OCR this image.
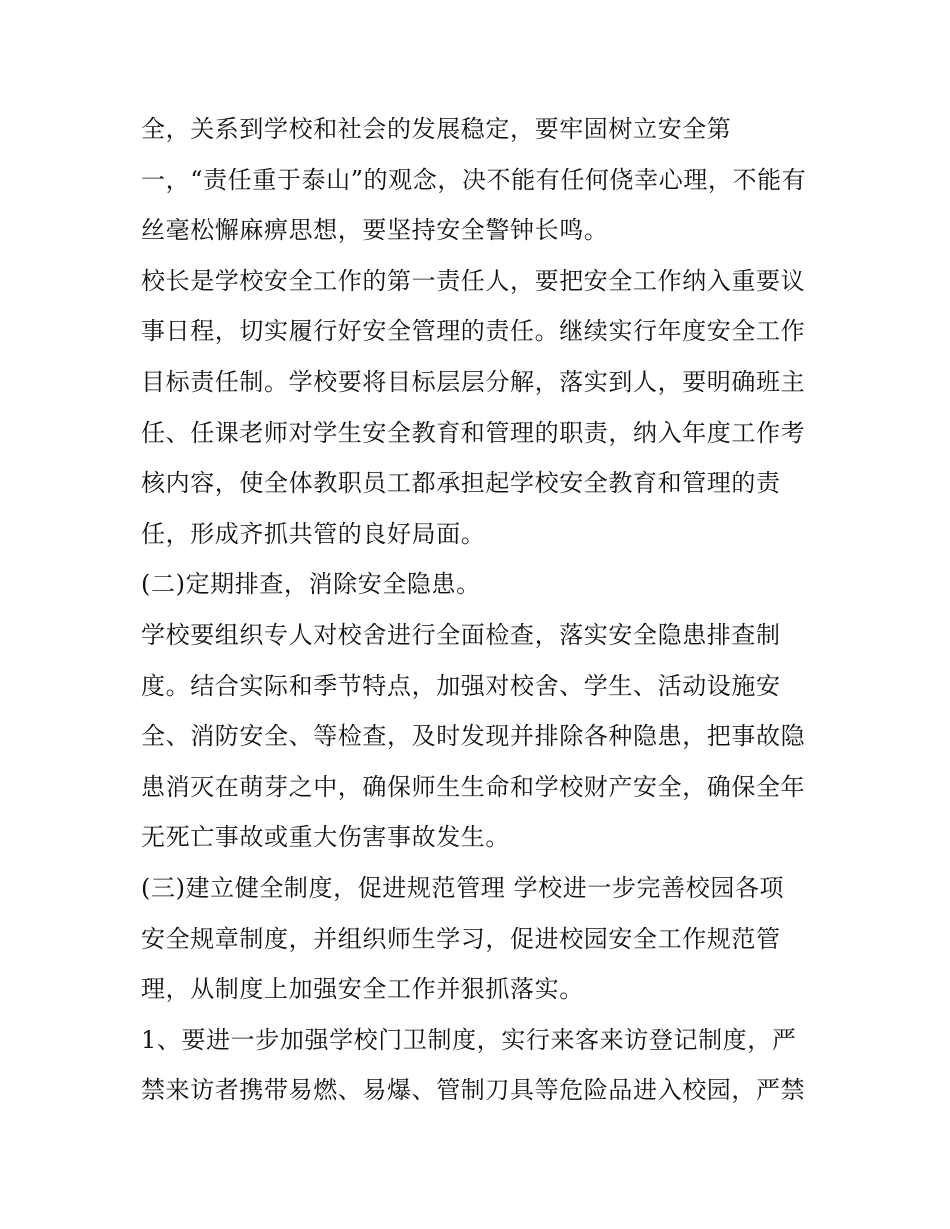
全，关系到学校和社会的发展稳定，要牢固树立安全第
一，“责任重于泰山”的观念，决不能有任何侥幸心理，不能有
丝毫松懈麻痹思想，要坚持安全警钟长鸣。
校长是学校安全工作的第一责任人，要把安全工作纳入重要议
事日程，切实履行好安全管理的责任。继续实行年度安全工作
目标责任制。学校要将目标层层分解，落实到人，要明确班主
任、任课老师对学生安全教育和管理的职责，纳入年度工作考
核内容，使全体教职员工都承担起学校安全教育和管理的责
任，形成齐抓共管的良好局面。
(二)定期排查，消除安全隐患。
学校要组织专人对校舍进行全面检查，落实安全隐患排查制
度。结合实际和季节特点，加强对校舍、学生、活动设施安
全、消防安全、等检查，及时发现并排除各种隐患，把事故隐
患消灭在萌芽之中，确保师生生命和学校财产安全，确保全年
无死亡事故或重大伤害事故发生。
(三)建立健全制度，促进规范管理 学校进一步完善校园各项
安全规章制度，并组织师生学习，促进校园安全工作规范管
理，从制度上加强安全工作并狠抓落实。
1、要进一步加强学校门卫制度，实行来客来访登记制度，严
禁来访者携带易燃、易爆、管制刀具等危险品进入校园，严禁
